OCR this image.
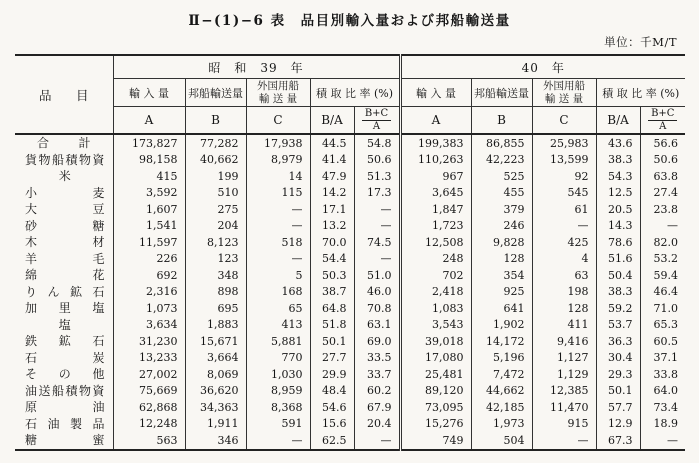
Ⅱ−(1)−6 表　品目別輸入量および邦船輸送量
単位：千M/T
品 目	昭　和　39　年					40　年				
輸 入 量	邦船輸送量	
外国用船
輸 送 量	積 取 比 率 (%)	輸 入 量	邦船輸送量	
外国用船
輸 送 量	積 取 比 率 (%)
	A	B	C	B/A	$\frac{B+C}{A}$	A	B	C	B/A	$\frac{B+C}{A}$

合 計	173,827	77,282	17,938	44.5	54.8	199,383	86,855	25,983	43.6	56.6

貨 物 船 積 物 資	98,158	40,662	8,979	41.4	50.6	110,263	42,223	13,599	38.3	50.6

米	415	199	14	47.9	51.3	967	525	92	54.3	63.8

小 麦	3,592	510	115	14.2	17.3	3,645	455	545	12.5	27.4

大 豆	1,607	275	—	17.1	—	1,847	379	61	20.5	23.8

砂 糖	1,541	204	—	13.2	—	1,723	246	—	14.3	—

木 材	11,597	8,123	518	70.0	74.5	12,508	9,828	425	78.6	82.0

羊 毛	226	123	—	54.4	—	248	128	4	51.6	53.2

綿 花	692	348	5	50.3	51.0	702	354	63	50.4	59.4

り ん 鉱 石	2,316	898	168	38.7	46.0	2,418	925	198	38.3	46.4

加 里 塩	1,073	695	65	64.8	70.8	1,083	641	128	59.2	71.0

塩	3,634	1,883	413	51.8	63.1	3,543	1,902	411	53.7	65.3

鉄 鉱 石	31,230	15,671	5,881	50.1	69.0	39,018	14,172	9,416	36.3	60.5

石 炭	13,233	3,664	770	27.7	33.5	17,080	5,196	1,127	30.4	37.1

そ の 他	27,002	8,069	1,030	29.9	33.7	25,481	7,472	1,129	29.3	33.8

油 送 船 積 物 資	75,669	36,620	8,959	48.4	60.2	89,120	44,662	12,385	50.1	64.0

原 油	62,868	34,363	8,368	54.6	67.9	73,095	42,185	11,470	57.7	73.4

石 油 製 品	12,248	1,911	591	15.6	20.4	15,276	1,973	915	12.9	18.9

糖 蜜	563	346	—	62.5	—	749	504	—	67.3	—
